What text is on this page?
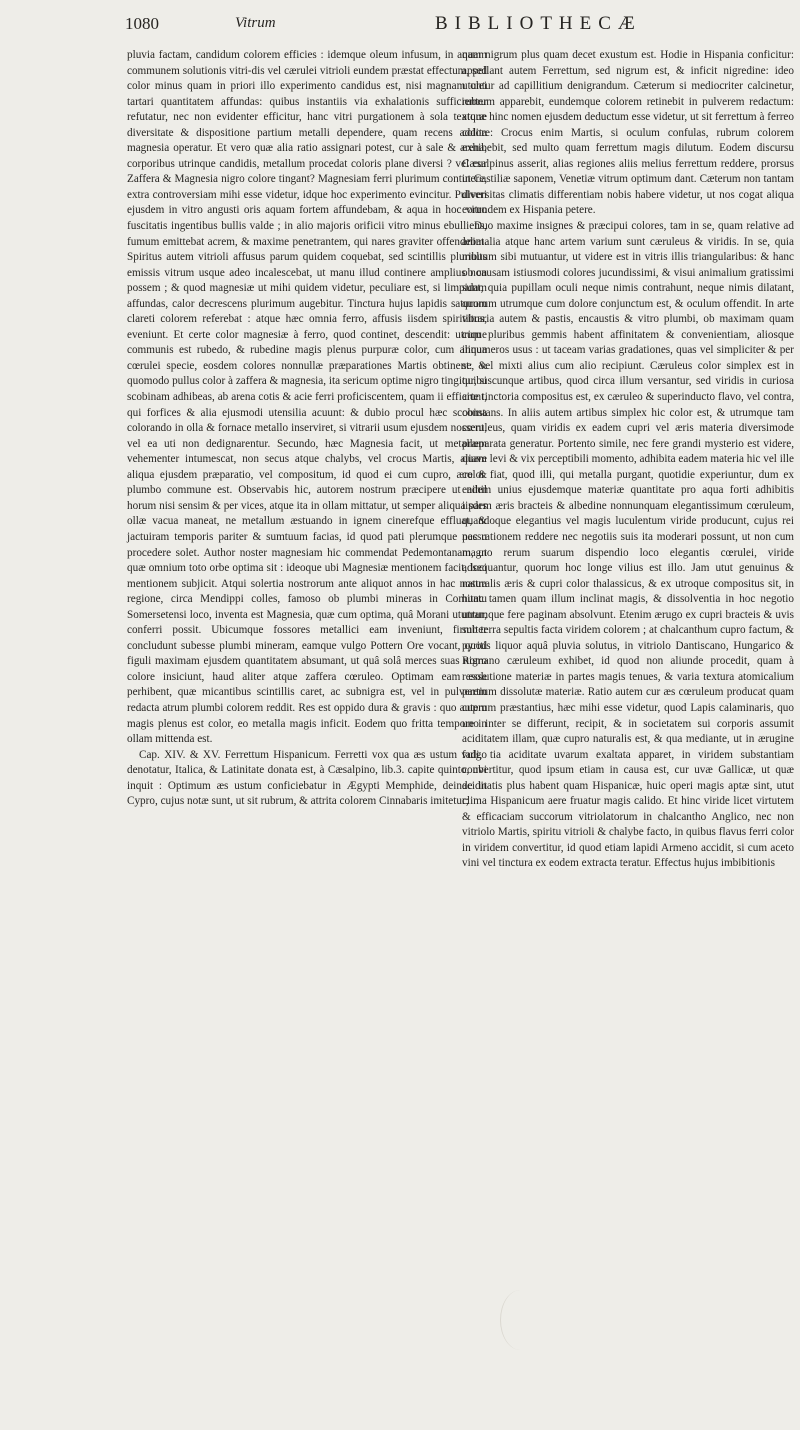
1080	Vitrum	BIBLIOTHECÆ

pluvia factam, candidum colorem efficies : idemque oleum infusum, in aquam communem solutionis vitri-dis vel cærulei vitrioli eundem præstat effectum, sed color minus quam in priori illo experimento candidus est, nisi magnam olei tartari quantitatem affundas: quibus instantiis via exhalationis sufficienter refutatur, nec non evidenter efficitur, hanc vitri purgationem à sola texturæ diversitate & dispositione partium metalli dependere, quam recens addita magnesia operatur. Et vero quæ alia ratio assignari potest, cur à sale & arena, corporibus utrinque candidis, metallum procedat coloris plane diversi ? vel cur Zaffera & Magnesia nigro colore tingant? Magnesiam ferri plurimum continere, extra controversiam mihi esse videtur, idque hoc experimento evincitur. Pulveri ejusdem in vitro angusti oris aquam fortem affundebam, & aqua in hoc vitro fuscitatis ingentibus bullis valde ; in alio majoris orificii vitro minus ebulliens, fumum emittebat acrem, & maxime penetrantem, qui nares graviter offendebat. Spiritus autem vitrioli affusus parum quidem coquebat, sed scintillis pluribus emissis vitrum usque adeo incalescebat, ut manu illud continere amplius non possem ; & quod magnesiæ ut mihi quidem videtur, peculiare est, si limpidam affundas, calor decrescens plurimum augebitur. Tinctura hujus lapidis saturum clareti colorem referebat : atque hæc omnia ferro, affusis iisdem spiritibus, eveniunt. Et certe color magnesiæ à ferro, quod continet, descendit: utrique communis est rubedo, & rubedine magis plenus purpuræ color, cum aliqua cœrulei specie, eosdem colores nonnullæ præparationes Martis obtinent: & quomodo pullus color à zaffera & magnesia, ita sericum optime nigro tingitur, si scobinam adhibeas, ab arena cotis & acie ferri proficiscentem, quam ii efficiunt, qui forfices & alia ejusmodi utensilia acuunt: & dubio procul hæc scobina colorando in olla & fornace metallo inserviret, si vitrarii usum ejusdem nossent, vel ea uti non dedignarentur. Secundo, hæc Magnesia facit, ut metallum vehementer intumescat, non secus atque chalybs, vel crocus Martis, aliave aliqua ejusdem præparatio, vel compositum, id quod ei cum cupro, ære & plumbo commune est. Observabis hic, autorem nostrum præcipere ut nihil horum nisi sensim & per vices, atque ita in ollam mittatur, ut semper aliqua pars ollæ vacua maneat, ne metallum æstuando in ignem cinerefque effluat, & jactuiram temporis pariter & sumtuum facias, id quod pati plerumque passu procedere solet. Author noster magnesiam hic commendat Pedemontanam, ut quæ omnium toto orbe optima sit : ideoque ubi Magnesiæ mentionem facit, loci mentionem subjicit. Atqui solertia nostrorum ante aliquot annos in hac nostra regione, circa Mendippi colles, famoso ob plumbi mineras in Comitatu Somersetensi loco, inventa est Magnesia, quæ cum optima, quâ Morani utuntur, conferri possit. Ubicumque fossores metallici eam inveniunt, firmiter concludunt subesse plumbi mineram, eamque vulgo Pottern Ore vocant, quod figuli maximam ejusdem quantitatem absumant, ut quâ solâ merces suas nigro colore insiciunt, haud aliter atque zaffera cœruleo. Optimam eam esse perhibent, quæ micantibus scintillis caret, ac subnigra est, vel in pulverem redacta atrum plumbi colorem reddit. Res est oppido dura & gravis : quo autem magis plenus est color, eo metalla magis inficit. Eodem quo fritta tempore in ollam mittenda est.

Cap. XIV. & XV. Ferrettum Hispanicum. Ferretti vox qua æs ustum vulgo denotatur, Italica, & Latinitate donata est, à Cæsalpino, lib.3. capite quinto, ubi inquit : Optimum æs ustum conficiebatur in Ægypti Memphide, deinde in Cypro, cujus notæ sunt, ut sit rubrum, & attrita colorem Cinnabaris imitetur;

nam nigrum plus quam decet exustum est. Hodie in Hispania conficitur: appellant autem Ferrettum, sed nigrum est, & inficit nigredine: ideo utuntur ad capillitium denigrandum. Cæterum si mediocriter calcinetur, rubrum apparebit, eundemque colorem retinebit in pulverem redactum: atque hinc nomen ejusdem deductum esse videtur, ut sit ferrettum à ferreo colore: Crocus enim Martis, si oculum confulas, rubrum colorem exhibebit, sed multo quam ferrettum magis dilutum. Eodem discursu Cæsalpinus asserit, alias regiones aliis melius ferrettum reddere, prorsus ut Castiliæ saponem, Venetiæ vitrum optimum dant. Cæterum non tantam diversitas climatis differentiam nobis habere videtur, ut nos cogat aliqua eorundem ex Hispania petere.

Duo maxime insignes & præcipui colores, tam in se, quam relative ad animalia atque hanc artem varium sunt cæruleus & viridis. In se, quia multum sibi mutuantur, ut videre est in vitris illis triangularibus: & hanc ob causam istiusmodi colores jucundissimi, & visui animalium gratissimi sunt, quia pupillam oculi neque nimis contrahunt, neque nimis dilatant, quorum utrumque cum dolore conjunctum est, & oculum offendit. In arte vitraria autem & pastis, encaustis & vitro plumbi, ob maximam quam cum pluribus gemmis habent affinitatem & convenientiam, aliosque innumeros usus : ut taceam varias gradationes, quas vel simpliciter & per se, vel mixti alius cum alio recipiunt. Cæruleus color simplex est in quibuscunque artibus, quod circa illum versantur, sed viridis in curiosa arte tinctoria compositus est, ex cæruleo & superinducto flavo, vel contra, constans. In aliis autem artibus simplex hic color est, & utrumque tam cœruleus, quam viridis ex eadem cupri vel æris materia diversimode præparata generatur. Portento simile, nec fere grandi mysterio est videre, quam levi & vix perceptibili momento, adhibita eadem materia hic vel ille color fiat, quod illi, qui metalla purgant, quotidie experiuntur, dum ex eadem unius ejusdemque materiæ quantitate pro aqua forti adhibitis iisdem æris bracteis & albedine nonnunquam elegantissimum cœruleum, quandoque elegantius vel magis luculentum viride producunt, cujus rei nec rationem reddere nec negotiis suis ita moderari possunt, ut non cum magno rerum suarum dispendio loco elegantis cœrulei, viride adsequantur, quorum hoc longe vilius est illo. Jam utut genuinus & naturalis æris & cupri color thalassicus, & ex utroque compositus sit, in hunc tamen quam illum inclinat magis, & dissolventia in hoc negotio utramque fere paginam absolvunt. Etenim ærugo ex cupri bracteis & uvis sub terra sepultis facta viridem colorem ; at chalcanthum cupro factum, & pyritis liquor aquâ pluvia solutus, in vitriolo Dantiscano, Hungarico & Romano cæruleum exhibet, id quod non aliunde procedit, quam à resolutione materiæ in partes magis tenues, & varia textura atomicalium partium dissolutæ materiæ. Ratio autem cur æs cœruleum producat quam cuprum præstantius, hæc mihi esse videtur, quod Lapis calaminaris, quo uno inter se differunt, recipit, & in societatem sui corporis assumit aciditatem illam, quæ cupro naturalis est, & qua mediante, ut in ærugine fadi, tia aciditate uvarum exaltata apparet, in viridem substantiam convertitur, quod ipsum etiam in causa est, cur uvæ Gallicæ, ut quæ aciditatis plus habent quam Hispanicæ, huic operi magis aptæ sint, utut clima Hispanicum aere fruatur magis calido. Et hinc viride licet virtutem & efficaciam succorum vitriolatorum in chalcantho Anglico, nec non vitriolo Martis, spiritu vitrioli & chalybe facto, in quibus flavus ferri color in viridem convertitur, id quod etiam lapidi Armeno accidit, si cum aceto vini vel tinctura ex eodem extracta teratur. Effectus hujus imbibitionis
